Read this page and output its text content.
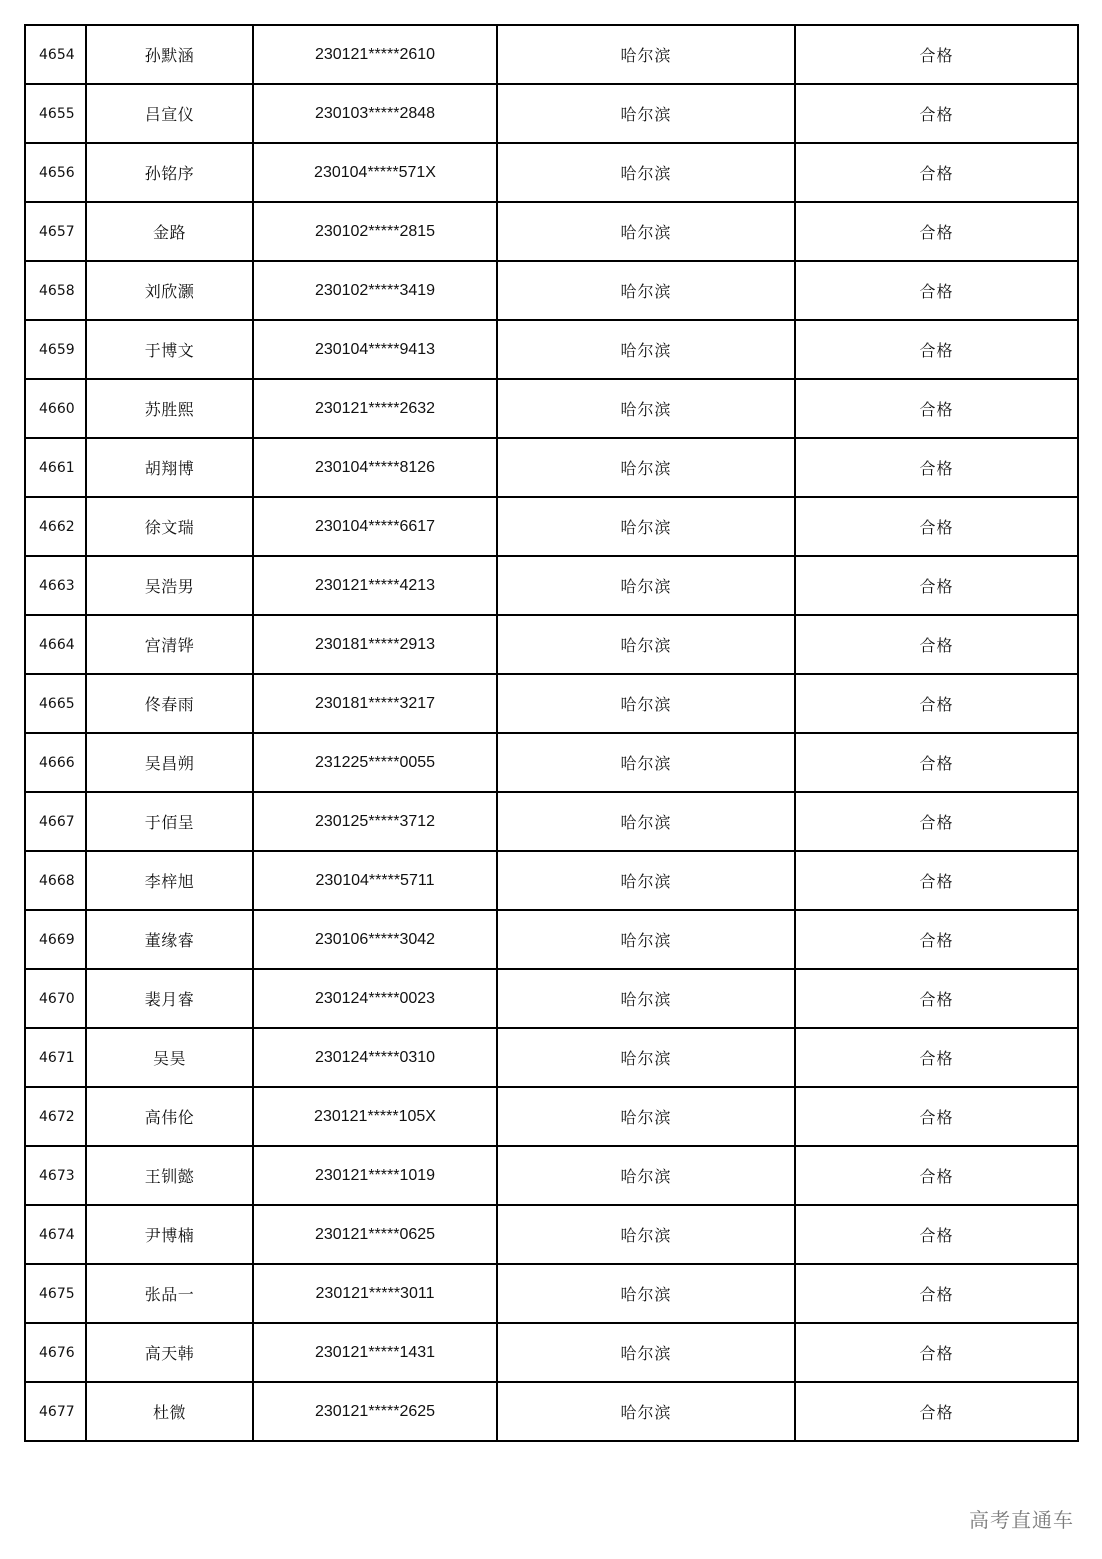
4654	孙默涵	230121*****2610	哈尔滨	合格
4655	吕宣仪	230103*****2848	哈尔滨	合格
4656	孙铭序	230104*****571X	哈尔滨	合格
4657	金路	230102*****2815	哈尔滨	合格
4658	刘欣灏	230102*****3419	哈尔滨	合格
4659	于博文	230104*****9413	哈尔滨	合格
4660	苏胜熙	230121*****2632	哈尔滨	合格
4661	胡翔博	230104*****8126	哈尔滨	合格
4662	徐文瑞	230104*****6617	哈尔滨	合格
4663	吴浩男	230121*****4213	哈尔滨	合格
4664	宫清铧	230181*****2913	哈尔滨	合格
4665	佟春雨	230181*****3217	哈尔滨	合格
4666	吴昌朔	231225*****0055	哈尔滨	合格
4667	于佰呈	230125*****3712	哈尔滨	合格
4668	李梓旭	230104*****5711	哈尔滨	合格
4669	董缘睿	230106*****3042	哈尔滨	合格
4670	裴月睿	230124*****0023	哈尔滨	合格
4671	吴昊	230124*****0310	哈尔滨	合格
4672	高伟伦	230121*****105X	哈尔滨	合格
4673	王钏懿	230121*****1019	哈尔滨	合格
4674	尹博楠	230121*****0625	哈尔滨	合格
4675	张品一	230121*****3011	哈尔滨	合格
4676	高天韩	230121*****1431	哈尔滨	合格
4677	杜微	230121*****2625	哈尔滨	合格
高考直通车
